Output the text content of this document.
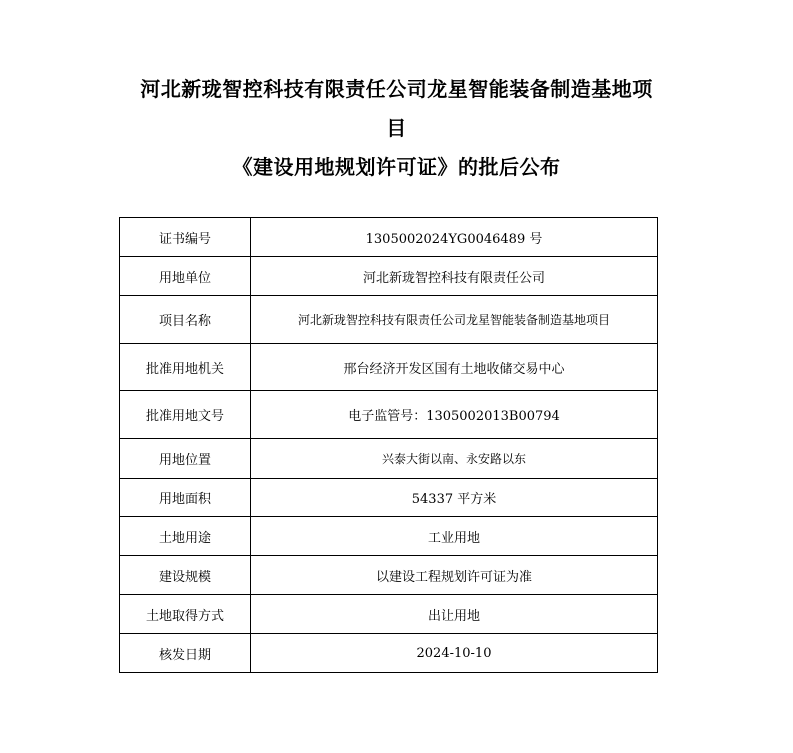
河北新珑智控科技有限责任公司龙星智能装备制造基地项
目
《建设用地规划许可证》的批后公布
证书编号	1305002024YG0046489 号
用地单位	河北新珑智控科技有限责任公司
项目名称	河北新珑智控科技有限责任公司龙星智能装备制造基地项目
批准用地机关	邢台经济开发区国有土地收储交易中心
批准用地文号	电子监管号：1305002013B00794
用地位置	兴泰大街以南、永安路以东
用地面积	54337 平方米
土地用途	工业用地
建设规模	以建设工程规划许可证为准
土地取得方式	出让用地
核发日期	2024-10-10
